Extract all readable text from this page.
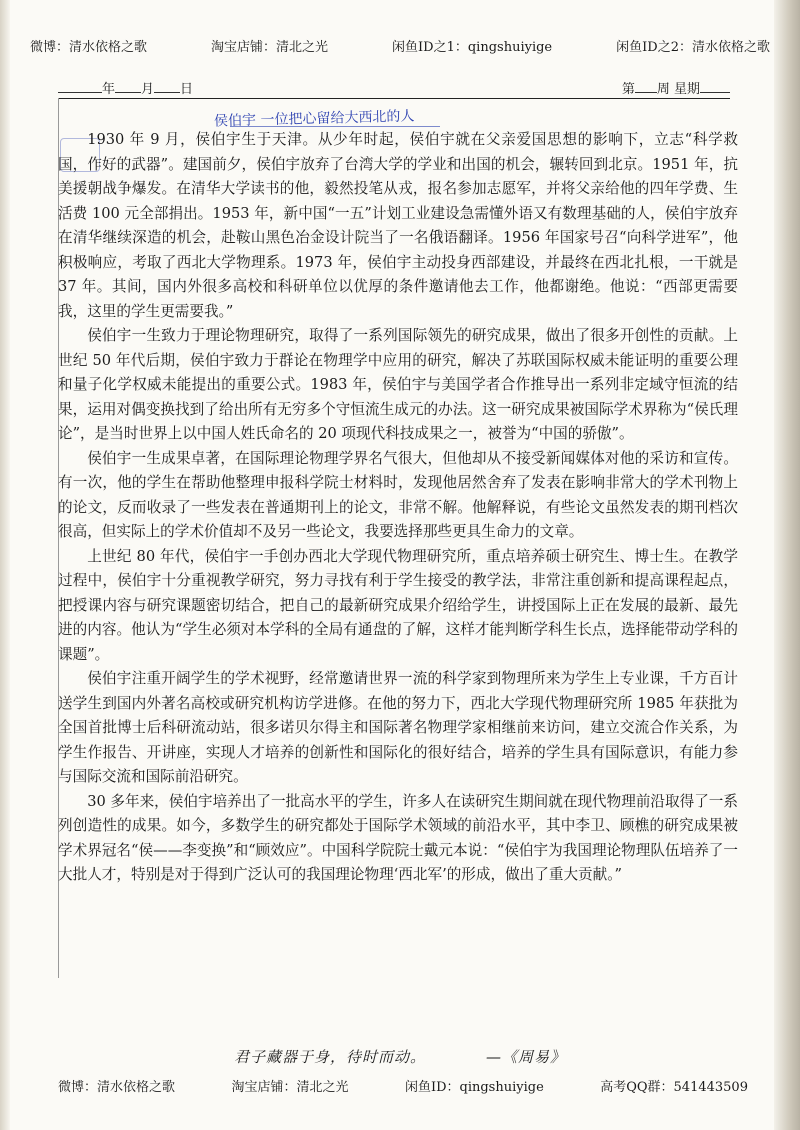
微博：清水依格之歌	淘宝店铺：清北之光	闲鱼ID之1：qingshuiyige	闲鱼ID之2：清水依格之歌
年 月 日	第 周 星期
侯伯宇 一位把心留给大西北的人

1930 年 9 月，侯伯宇生于天津。从少年时起，侯伯宇就在父亲爱国思想的影响下，立志“科学救国，作好的武器”。建国前夕，侯伯宇放弃了台湾大学的学业和出国的机会，辗转回到北京。1951 年，抗美援朝战争爆发。在清华大学读书的他，毅然投笔从戎，报名参加志愿军，并将父亲给他的四年学费、生活费 100 元全部捐出。1953 年，新中国“一五”计划工业建设急需懂外语又有数理基础的人，侯伯宇放弃在清华继续深造的机会，赴鞍山黑色冶金设计院当了一名俄语翻译。1956 年国家号召“向科学进军”，他积极响应，考取了西北大学物理系。1973 年，侯伯宇主动投身西部建设，并最终在西北扎根，一干就是 37 年。其间，国内外很多高校和科研单位以优厚的条件邀请他去工作，他都谢绝。他说：“西部更需要我，这里的学生更需要我。”

侯伯宇一生致力于理论物理研究，取得了一系列国际领先的研究成果，做出了很多开创性的贡献。上世纪 50 年代后期，侯伯宇致力于群论在物理学中应用的研究，解决了苏联国际权威未能证明的重要公理和量子化学权威未能提出的重要公式。1983 年，侯伯宇与美国学者合作推导出一系列非定域守恒流的结果，运用对偶变换找到了给出所有无穷多个守恒流生成元的办法。这一研究成果被国际学术界称为“侯氏理论”，是当时世界上以中国人姓氏命名的 20 项现代科技成果之一，被誉为“中国的骄傲”。

侯伯宇一生成果卓著，在国际理论物理学界名气很大，但他却从不接受新闻媒体对他的采访和宣传。有一次，他的学生在帮助他整理申报科学院士材料时，发现他居然舍弃了发表在影响非常大的学术刊物上的论文，反而收录了一些发表在普通期刊上的论文，非常不解。他解释说，有些论文虽然发表的期刊档次很高，但实际上的学术价值却不及另一些论文，我要选择那些更具生命力的文章。

上世纪 80 年代，侯伯宇一手创办西北大学现代物理研究所，重点培养硕士研究生、博士生。在教学过程中，侯伯宇十分重视教学研究，努力寻找有利于学生接受的教学法，非常注重创新和提高课程起点，把授课内容与研究课题密切结合，把自己的最新研究成果介绍给学生，讲授国际上正在发展的最新、最先进的内容。他认为“学生必须对本学科的全局有通盘的了解，这样才能判断学科生长点，选择能带动学科的课题”。

侯伯宇注重开阔学生的学术视野，经常邀请世界一流的科学家到物理所来为学生上专业课，千方百计送学生到国内外著名高校或研究机构访学进修。在他的努力下，西北大学现代物理研究所 1985 年获批为全国首批博士后科研流动站，很多诺贝尔得主和国际著名物理学家相继前来访问，建立交流合作关系，为学生作报告、开讲座，实现人才培养的创新性和国际化的很好结合，培养的学生具有国际意识，有能力参与国际交流和国际前沿研究。

30 多年来，侯伯宇培养出了一批高水平的学生，许多人在读研究生期间就在现代物理前沿取得了一系列创造性的成果。如今，多数学生的研究都处于国际学术领域的前沿水平，其中李卫、顾樵的研究成果被学术界冠名“侯——李变换”和“顾效应”。中国科学院院士戴元本说：“侯伯宇为我国理论物理队伍培养了一大批人才，特别是对于得到广泛认可的我国理论物理‘西北军’的形成，做出了重大贡献。”

君子藏器于身，待时而动。	—《周易》
微博：清水依格之歌	淘宝店铺：清北之光	闲鱼ID：qingshuiyige	高考QQ群：541443509
